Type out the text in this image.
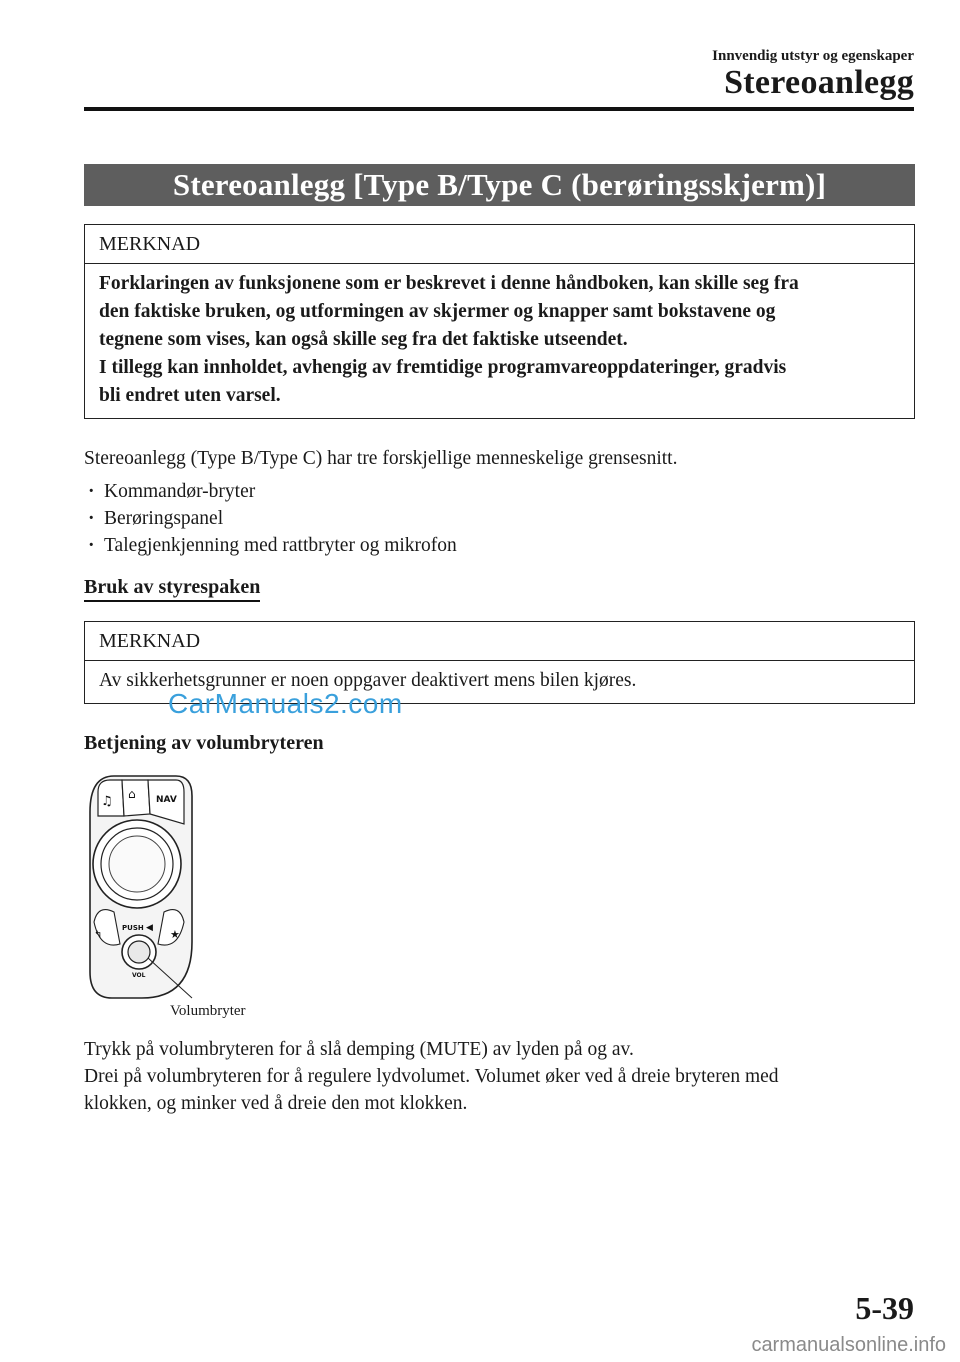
Innvendig utstyr og egenskaper
Stereoanlegg
Stereoanlegg [Type B/Type C (berøringsskjerm)]
MERKNAD
Forklaringen av funksjonene som er beskrevet i denne håndboken, kan skille seg fra
den faktiske bruken, og utformingen av skjermer og knapper samt bokstavene og
tegnene som vises, kan også skille seg fra det faktiske utseendet.
I tillegg kan innholdet, avhengig av fremtidige programvareoppdateringer, gradvis
bli endret uten varsel.
Stereoanlegg (Type B/Type C) har tre forskjellige menneskelige grensesnitt.
· Kommandør-bryter
· Berøringspanel
· Talegjenkjenning med rattbryter og mikrofon
Bruk av styrespaken
MERKNAD
Av sikkerhetsgrunner er noen oppgaver deaktivert mens bilen kjøres.
CarManuals2.com
Betjening av volumbryteren
♫ ⌂ NAV
↰	★
PUSH ◀
VOL
Volumbryter
Trykk på volumbryteren for å slå demping (MUTE) av lyden på og av.
Drei på volumbryteren for å regulere lydvolumet. Volumet øker ved å dreie bryteren med
klokken, og minker ved å dreie den mot klokken.
5-39
carmanualsonline.info
